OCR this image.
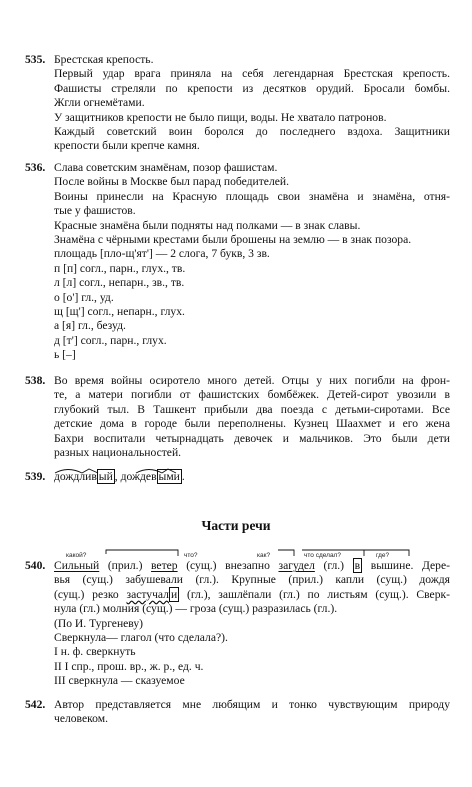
535. Брестская крепость.
Первый удар врага приняла на себя легендарная Брестская крепость.
Фашисты стреляли по крепости из десятков орудий. Бросали бомбы.
Жгли огнемётами.
У защитников крепости не было пищи, воды. Не хватало патронов.
Каждый советский воин боролся до последнего вздоха. Защитники
крепости были крепче камня.
536. Слава советским знамёнам, позор фашистам.
После войны в Москве был парад победителей.
Воины принесли на Красную площадь свои знамёна и знамёна, отня-
тые у фашистов.
Красные знамёна были подняты над полками — в знак славы.
Знамёна с чёрными крестами были брошены на землю — в знак позора.
площадь [пло-щ'ят'] — 2 слога, 7 букв, 3 зв.
п [п] согл., парн., глух., тв.
л [л] согл., непарн., зв., тв.
о [о'] гл., уд.
щ [щ'] согл., непарн., глух.
а [я] гл., безуд.
д [т'] согл., парн., глух.
ь [–]
538. Во время войны осиротело много детей. Отцы у них погибли на фрон-
те, а матери погибли от фашистских бомбёжек. Детей-сирот увозили в
глубокий тыл. В Ташкент прибыли два поезда с детьми-сиротами. Все
детские дома в городе были переполнены. Кузнец Шаахмет и его жена
Бахри воспитали четырнадцать девочек и мальчиков. Это были дети
разных национальностей.
539. дождлив ый , дождев ыми .
Части речи
540.
какой?	что?	как?	что сделал?	где?
Сильный (прил.) ветер (сущ.) внезапно загудел (гл.) в вышине. Дере-
вья (сущ.) забушевали (гл.). Крупные (прил.) капли (сущ.) дождя
(сущ.) резко застучал и (гл.), зашлёпали (гл.) по листьям (сущ.). Сверк-
нула (гл.) молния (сущ.) — гроза (сущ.) разразилась (гл.).
(По И. Тургеневу)
Сверкнула— глагол (что сделала?).
I н. ф. сверкнуть
II I спр., прош. вр., ж. р., ед. ч.
III сверкнула — сказуемое
542. Автор представляется мне любящим и тонко чувствующим природу
человеком.
